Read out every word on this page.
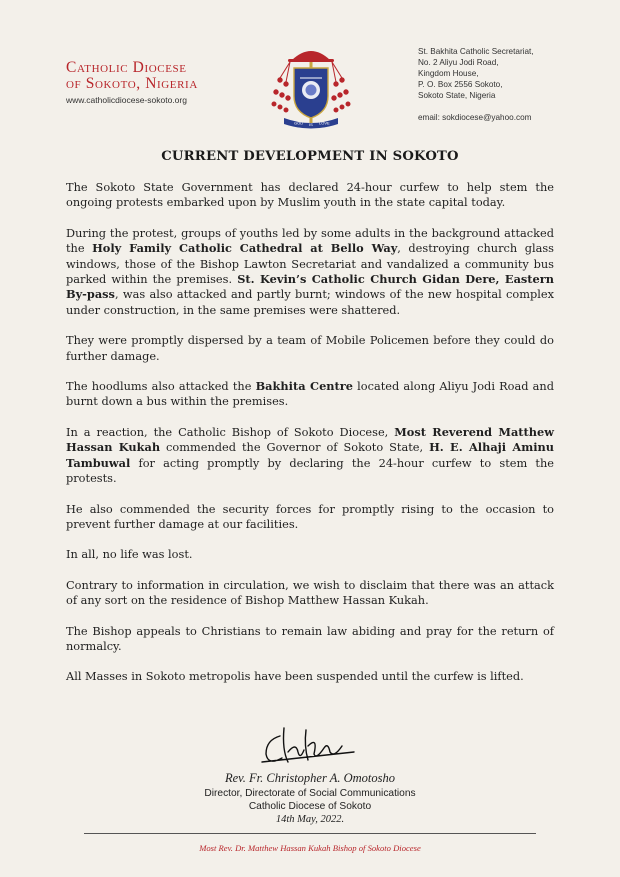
Catholic Diocese
of Sokoto, Nigeria
www.catholicdiocese-sokoto.org
GOD IS LOVE
St. Bakhita Catholic Secretariat,
No. 2 Aliyu Jodi Road,
Kingdom House,
P. O. Box 2556 Sokoto,
Sokoto State, Nigeria
email: sokdiocese@yahoo.com
CURRENT DEVELOPMENT IN SOKOTO

The Sokoto State Government has declared 24-hour curfew to help stem the ongoing protests embarked upon by Muslim youth in the state capital today.

During the protest, groups of youths led by some adults in the background attacked the Holy Family Catholic Cathedral at Bello Way, destroying church glass windows, those of the Bishop Lawton Secretariat and vandalized a community bus parked within the premises. St. Kevin’s Catholic Church Gidan Dere, Eastern By-pass, was also attacked and partly burnt; windows of the new hospital complex under construction, in the same premises were shattered.

They were promptly dispersed by a team of Mobile Policemen before they could do further damage.

The hoodlums also attacked the Bakhita Centre located along Aliyu Jodi Road and burnt down a bus within the premises.

In a reaction, the Catholic Bishop of Sokoto Diocese, Most Reverend Matthew Hassan Kukah commended the Governor of Sokoto State, H. E. Alhaji Aminu Tambuwal for acting promptly by declaring the 24-hour curfew to stem the protests.

He also commended the security forces for promptly rising to the occasion to prevent further damage at our facilities.

In all, no life was lost.

Contrary to information in circulation, we wish to disclaim that there was an attack of any sort on the residence of Bishop Matthew Hassan Kukah.

The Bishop appeals to Christians to remain law abiding and pray for the return of normalcy.

All Masses in Sokoto metropolis have been suspended until the curfew is lifted.

Rev. Fr. Christopher A. Omotosho
Director, Directorate of Social Communications
Catholic Diocese of Sokoto
14th May, 2022.
Most Rev. Dr. Matthew Hassan Kukah Bishop of Sokoto Diocese
